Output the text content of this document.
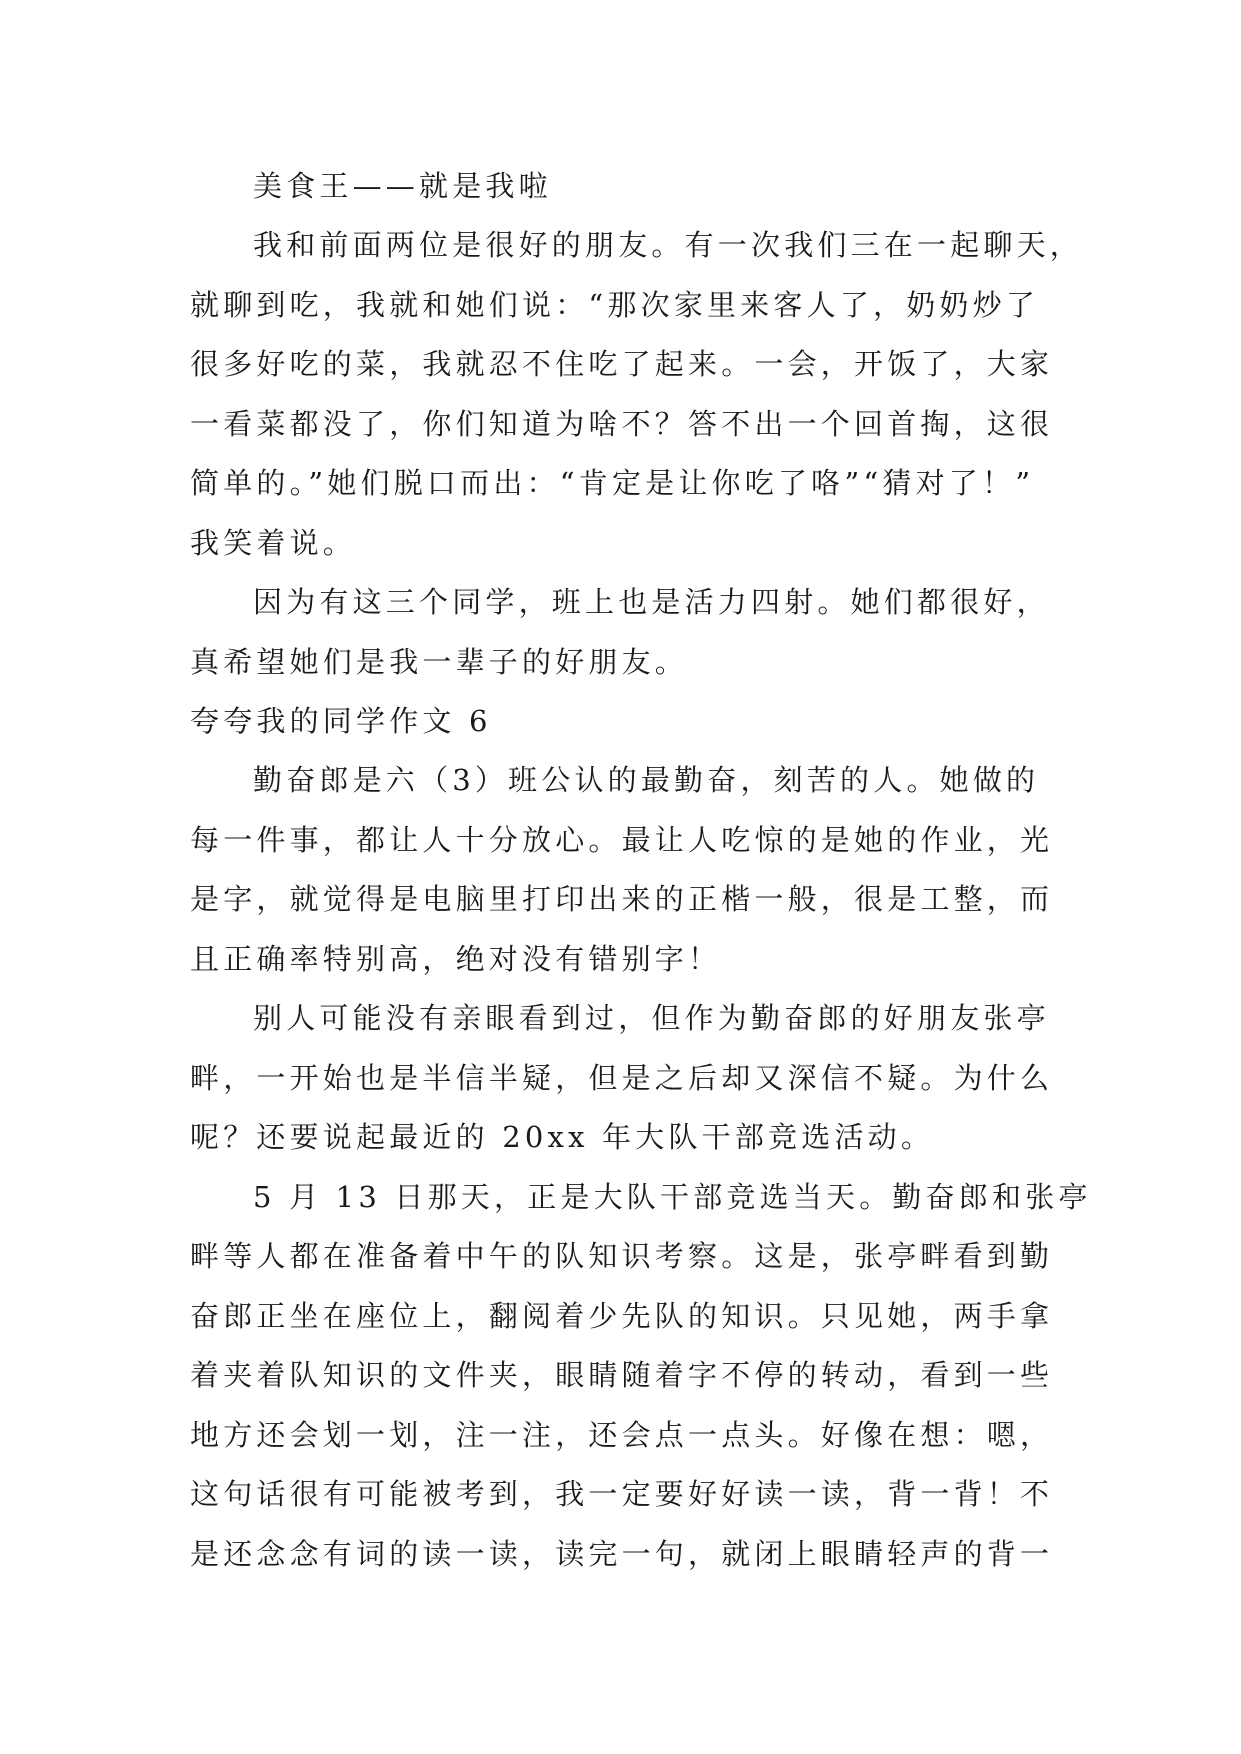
美食王——就是我啦
我和前面两位是很好的朋友。有一次我们三在一起聊天，
就聊到吃，我就和她们说：“那次家里来客人了，奶奶炒了
很多好吃的菜，我就忍不住吃了起来。一会，开饭了，大家
一看菜都没了，你们知道为啥不？答不出一个回首掏，这很
简单的。”她们脱口而出：“肯定是让你吃了咯”“猜对了！”
我笑着说。
因为有这三个同学，班上也是活力四射。她们都很好，
真希望她们是我一辈子的好朋友。
夸夸我的同学作文 6
勤奋郎是六（3）班公认的最勤奋，刻苦的人。她做的
每一件事，都让人十分放心。最让人吃惊的是她的作业，光
是字，就觉得是电脑里打印出来的正楷一般，很是工整，而
且正确率特别高，绝对没有错别字！
别人可能没有亲眼看到过，但作为勤奋郎的好朋友张亭
畔，一开始也是半信半疑，但是之后却又深信不疑。为什么
呢？还要说起最近的 20xx 年大队干部竞选活动。
5 月 13 日那天，正是大队干部竞选当天。勤奋郎和张亭
畔等人都在准备着中午的队知识考察。这是，张亭畔看到勤
奋郎正坐在座位上，翻阅着少先队的知识。只见她，两手拿
着夹着队知识的文件夹，眼睛随着字不停的转动，看到一些
地方还会划一划，注一注，还会点一点头。好像在想：嗯，
这句话很有可能被考到，我一定要好好读一读，背一背！不
是还念念有词的读一读，读完一句，就闭上眼睛轻声的背一
